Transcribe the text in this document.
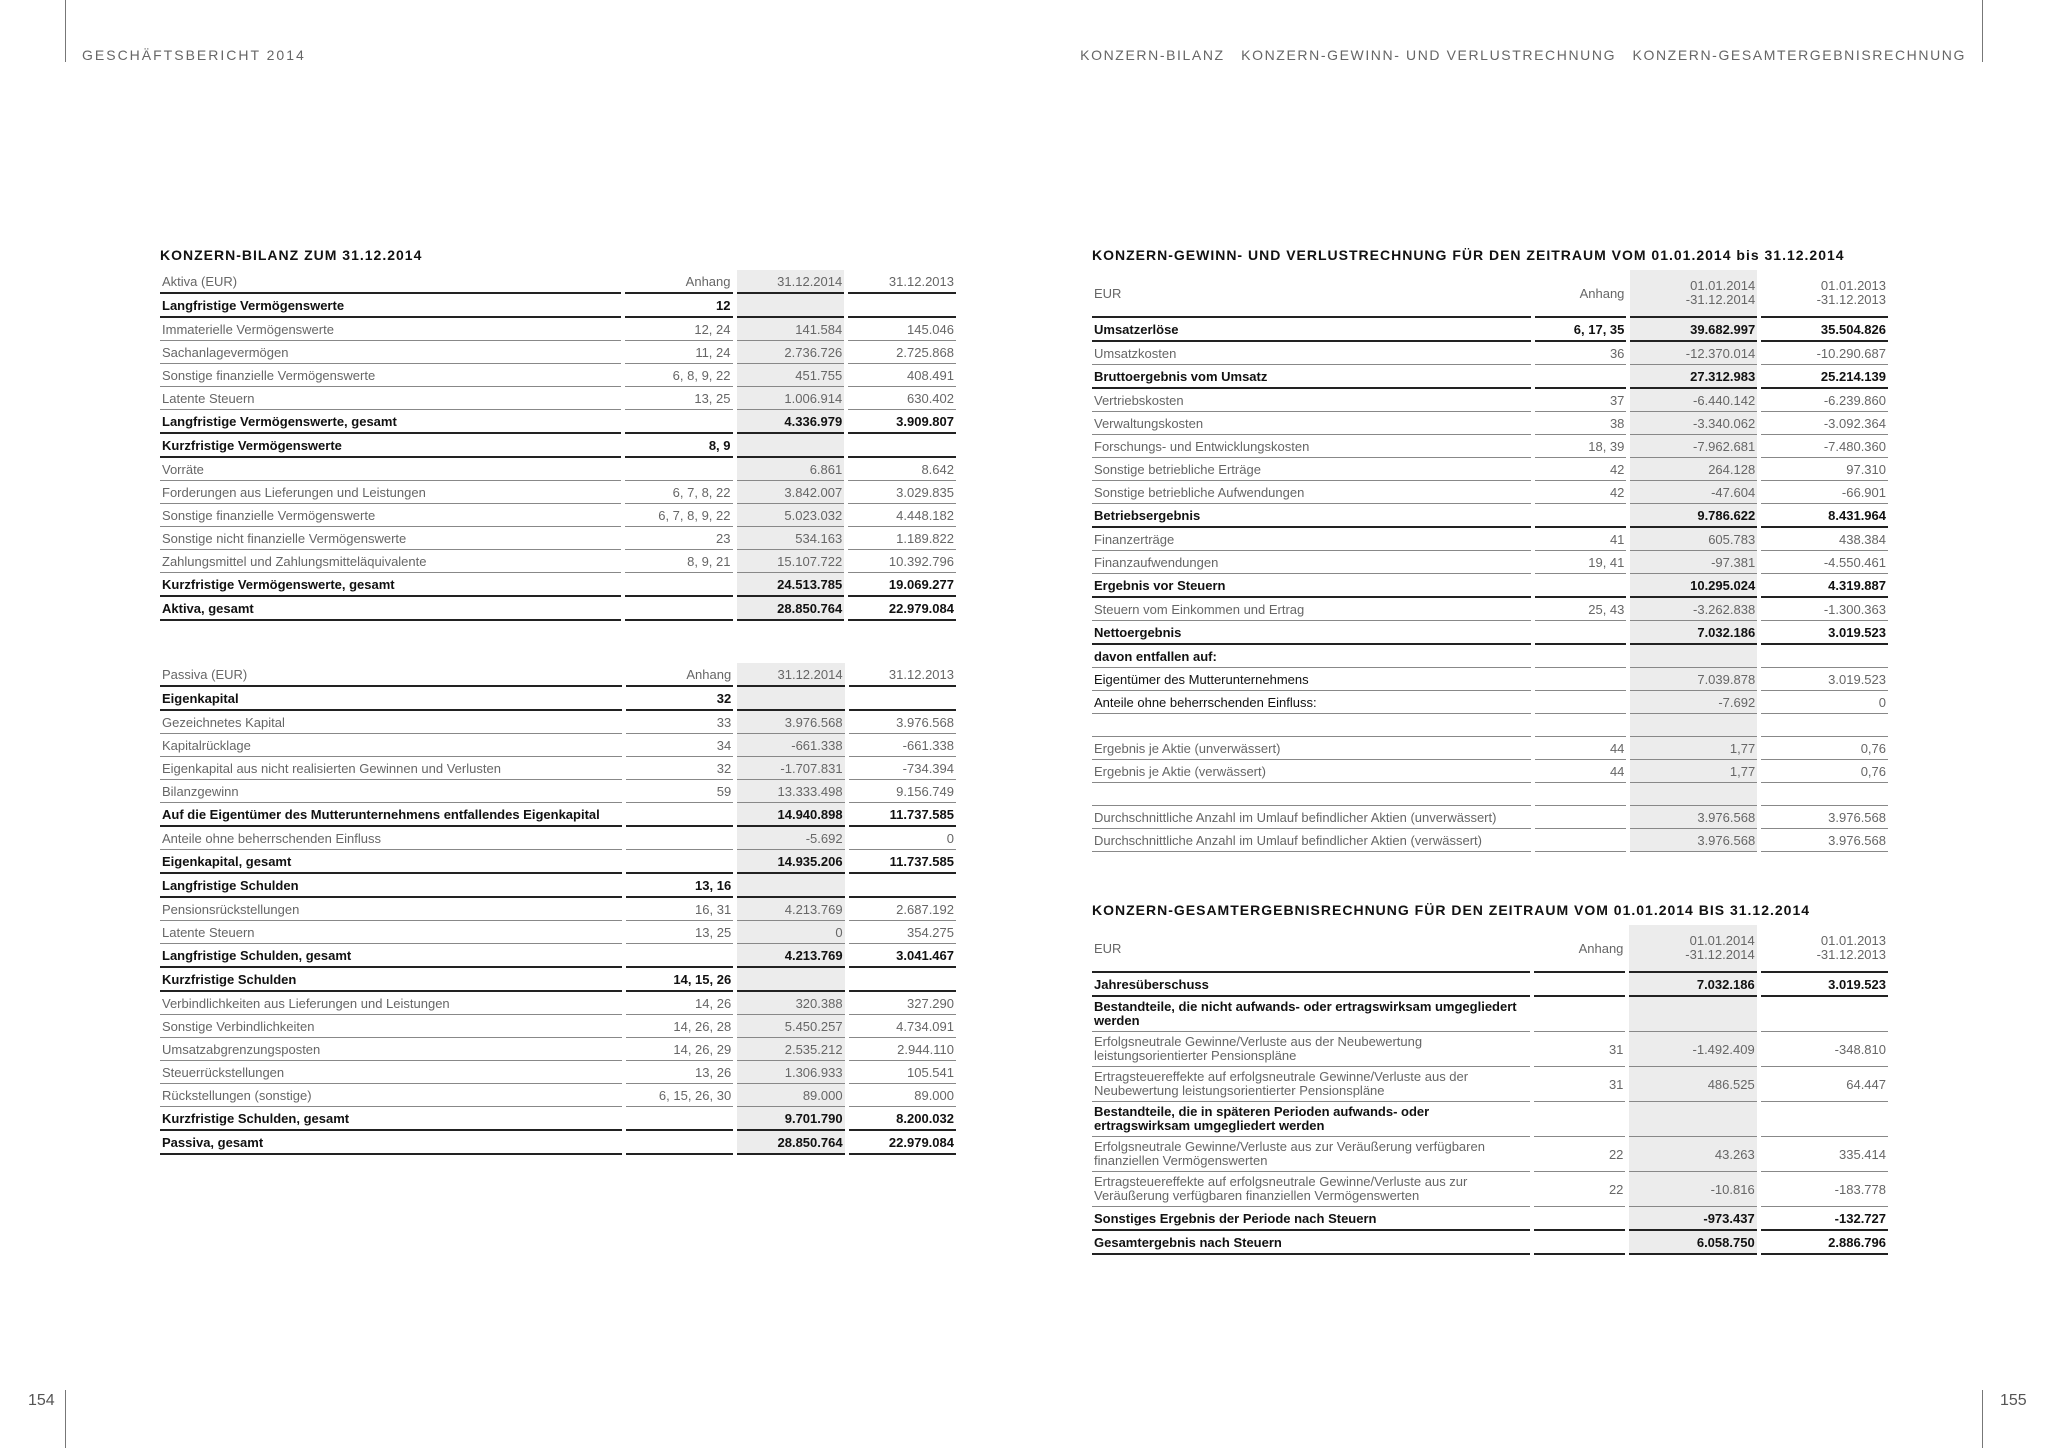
GESCHÄFTSBERICHT 2014	KONZERN-BILANZ   KONZERN-GEWINN- UND VERLUSTRECHNUNG   KONZERN-GESAMTERGEBNISRECHNUNG
154	155
KONZERN-BILANZ ZUM 31.12.2014
Aktiva (EUR)	Anhang	31.12.2014	31.12.2013
Langfristige Vermögenswerte	12		
Immaterielle Vermögenswerte	12, 24	141.584	145.046
Sachanlagevermögen	11, 24	2.736.726	2.725.868
Sonstige finanzielle Vermögenswerte	6, 8, 9, 22	451.755	408.491
Latente Steuern	13, 25	1.006.914	630.402
Langfristige Vermögenswerte, gesamt		4.336.979	3.909.807
Kurzfristige Vermögenswerte	8, 9		
Vorräte		6.861	8.642
Forderungen aus Lieferungen und Leistungen	6, 7, 8, 22	3.842.007	3.029.835
Sonstige finanzielle Vermögenswerte	6, 7, 8, 9, 22	5.023.032	4.448.182
Sonstige nicht finanzielle Vermögenswerte	23	534.163	1.189.822
Zahlungsmittel und Zahlungsmitteläquivalente	8, 9, 21	15.107.722	10.392.796
Kurzfristige Vermögenswerte, gesamt		24.513.785	19.069.277
Aktiva, gesamt		28.850.764	22.979.084
Passiva (EUR)	Anhang	31.12.2014	31.12.2013
Eigenkapital	32		
Gezeichnetes Kapital	33	3.976.568	3.976.568
Kapitalrücklage	34	-661.338	-661.338
Eigenkapital aus nicht realisierten Gewinnen und Verlusten	32	-1.707.831	-734.394
Bilanzgewinn	59	13.333.498	9.156.749
Auf die Eigentümer des Mutterunternehmens entfallendes Eigenkapital		14.940.898	11.737.585
Anteile ohne beherrschenden Einfluss		-5.692	0
Eigenkapital, gesamt		14.935.206	11.737.585
Langfristige Schulden	13, 16		
Pensionsrückstellungen	16, 31	4.213.769	2.687.192
Latente Steuern	13, 25	0	354.275
Langfristige Schulden, gesamt		4.213.769	3.041.467
Kurzfristige Schulden	14, 15, 26		
Verbindlichkeiten aus Lieferungen und Leistungen	14, 26	320.388	327.290
Sonstige Verbindlichkeiten	14, 26, 28	5.450.257	4.734.091
Umsatzabgrenzungsposten	14, 26, 29	2.535.212	2.944.110
Steuerrückstellungen	13, 26	1.306.933	105.541
Rückstellungen (sonstige)	6, 15, 26, 30	89.000	89.000
Kurzfristige Schulden, gesamt		9.701.790	8.200.032
Passiva, gesamt		28.850.764	22.979.084
KONZERN-GEWINN- UND VERLUSTRECHNUNG FÜR DEN ZEITRAUM VOM 01.01.2014 bis 31.12.2014
EUR	Anhang	01.01.2014 -31.12.2014	01.01.2013 -31.12.2013
Umsatzerlöse	6, 17, 35	39.682.997	35.504.826
Umsatzkosten	36	-12.370.014	-10.290.687
Bruttoergebnis vom Umsatz		27.312.983	25.214.139
Vertriebskosten	37	-6.440.142	-6.239.860
Verwaltungskosten	38	-3.340.062	-3.092.364
Forschungs- und Entwicklungskosten	18, 39	-7.962.681	-7.480.360
Sonstige betriebliche Erträge	42	264.128	97.310
Sonstige betriebliche Aufwendungen	42	-47.604	-66.901
Betriebsergebnis		9.786.622	8.431.964
Finanzerträge	41	605.783	438.384
Finanzaufwendungen	19, 41	-97.381	-4.550.461
Ergebnis vor Steuern		10.295.024	4.319.887
Steuern vom Einkommen und Ertrag	25, 43	-3.262.838	-1.300.363
Nettoergebnis		7.032.186	3.019.523
davon entfallen auf:			
Eigentümer des Mutterunternehmens		7.039.878	3.019.523
Anteile ohne beherrschenden Einfluss:		-7.692	0

Ergebnis je Aktie (unverwässert)	44	1,77	0,76
Ergebnis je Aktie (verwässert)	44	1,77	0,76

Durchschnittliche Anzahl im Umlauf befindlicher Aktien (unverwässert)		3.976.568	3.976.568
Durchschnittliche Anzahl im Umlauf befindlicher Aktien (verwässert)		3.976.568	3.976.568
KONZERN-GESAMTERGEBNISRECHNUNG FÜR DEN ZEITRAUM VOM 01.01.2014 BIS 31.12.2014
EUR	Anhang	01.01.2014 -31.12.2014	01.01.2013 -31.12.2013
Jahresüberschuss		7.032.186	3.019.523
Bestandteile, die nicht aufwands- oder ertragswirksam umgegliedert werden			
Erfolgsneutrale Gewinne/Verluste aus der Neubewertung leistungsorientierter Pensionspläne	31	-1.492.409	-348.810
Ertragsteuereffekte auf erfolgsneutrale Gewinne/Verluste aus der Neubewertung leistungsorientierter Pensionspläne	31	486.525	64.447
Bestandteile, die in späteren Perioden aufwands- oder ertragswirksam umgegliedert werden			
Erfolgsneutrale Gewinne/Verluste aus zur Veräußerung verfügbaren finanziellen Vermögenswerten	22	43.263	335.414
Ertragsteuereffekte auf erfolgsneutrale Gewinne/Verluste aus zur Veräußerung verfügbaren finanziellen Vermögenswerten	22	-10.816	-183.778
Sonstiges Ergebnis der Periode nach Steuern		-973.437	-132.727
Gesamtergebnis nach Steuern		6.058.750	2.886.796
